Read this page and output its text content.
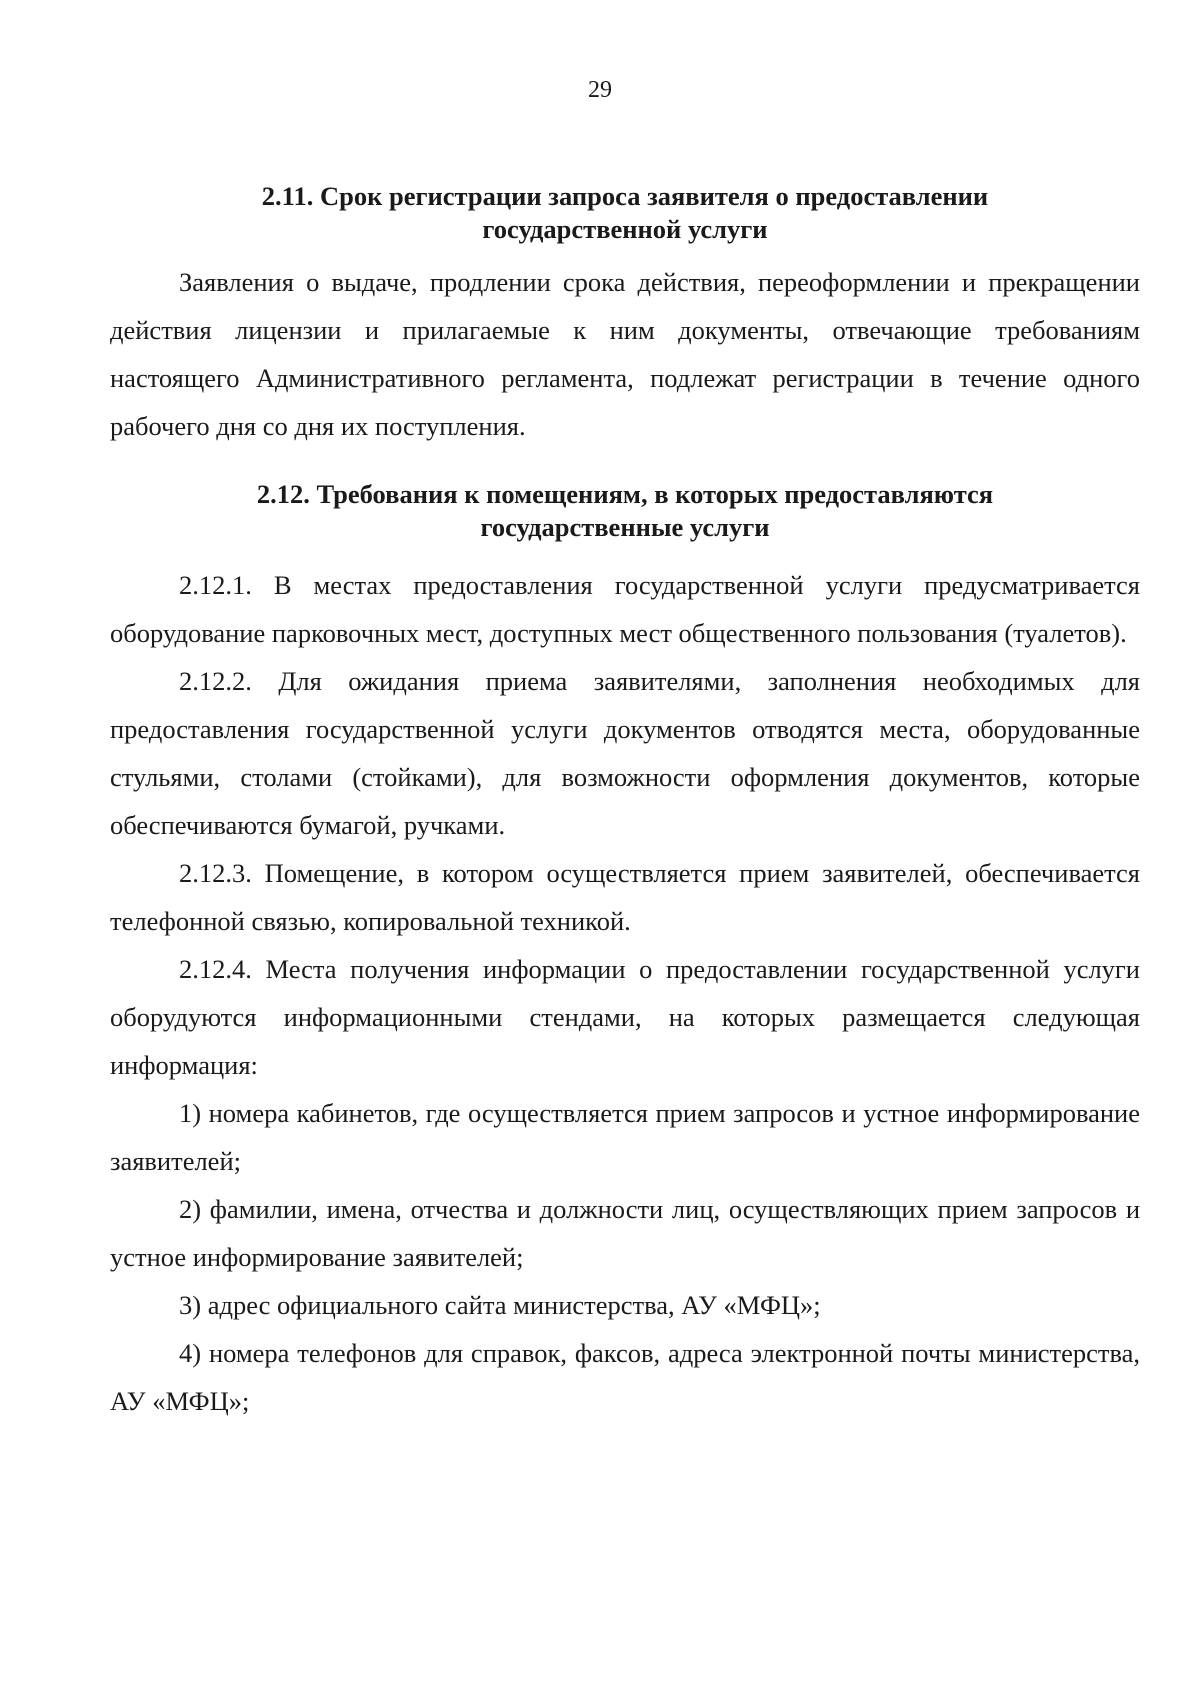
29
2.11. Срок регистрации запроса заявителя о предоставлении
государственной услуги

Заявления о выдаче, продлении срока действия, переоформлении и прекращении действия лицензии и прилагаемые к ним документы, отвечающие требованиям настоящего Административного регламента, подлежат регистрации в течение одного рабочего дня со дня их поступления.

2.12. Требования к помещениям, в которых предоставляются
государственные услуги

2.12.1. В местах предоставления государственной услуги предусматривается оборудование парковочных мест, доступных мест общественного пользования (туалетов).

2.12.2. Для ожидания приема заявителями, заполнения необходимых для предоставления государственной услуги документов отводятся места, оборудованные стульями, столами (стойками), для возможности оформления документов, которые обеспечиваются бумагой, ручками.

2.12.3. Помещение, в котором осуществляется прием заявителей, обеспечивается телефонной связью, копировальной техникой.

2.12.4. Места получения информации о предоставлении государственной услуги оборудуются информационными стендами, на которых размещается следующая информация:

1) номера кабинетов, где осуществляется прием запросов и устное информирование заявителей;

2) фамилии, имена, отчества и должности лиц, осуществляющих прием запросов и устное информирование заявителей;

3) адрес официального сайта министерства, АУ «МФЦ»;

4) номера телефонов для справок, факсов, адреса электронной почты министерства, АУ «МФЦ»;
